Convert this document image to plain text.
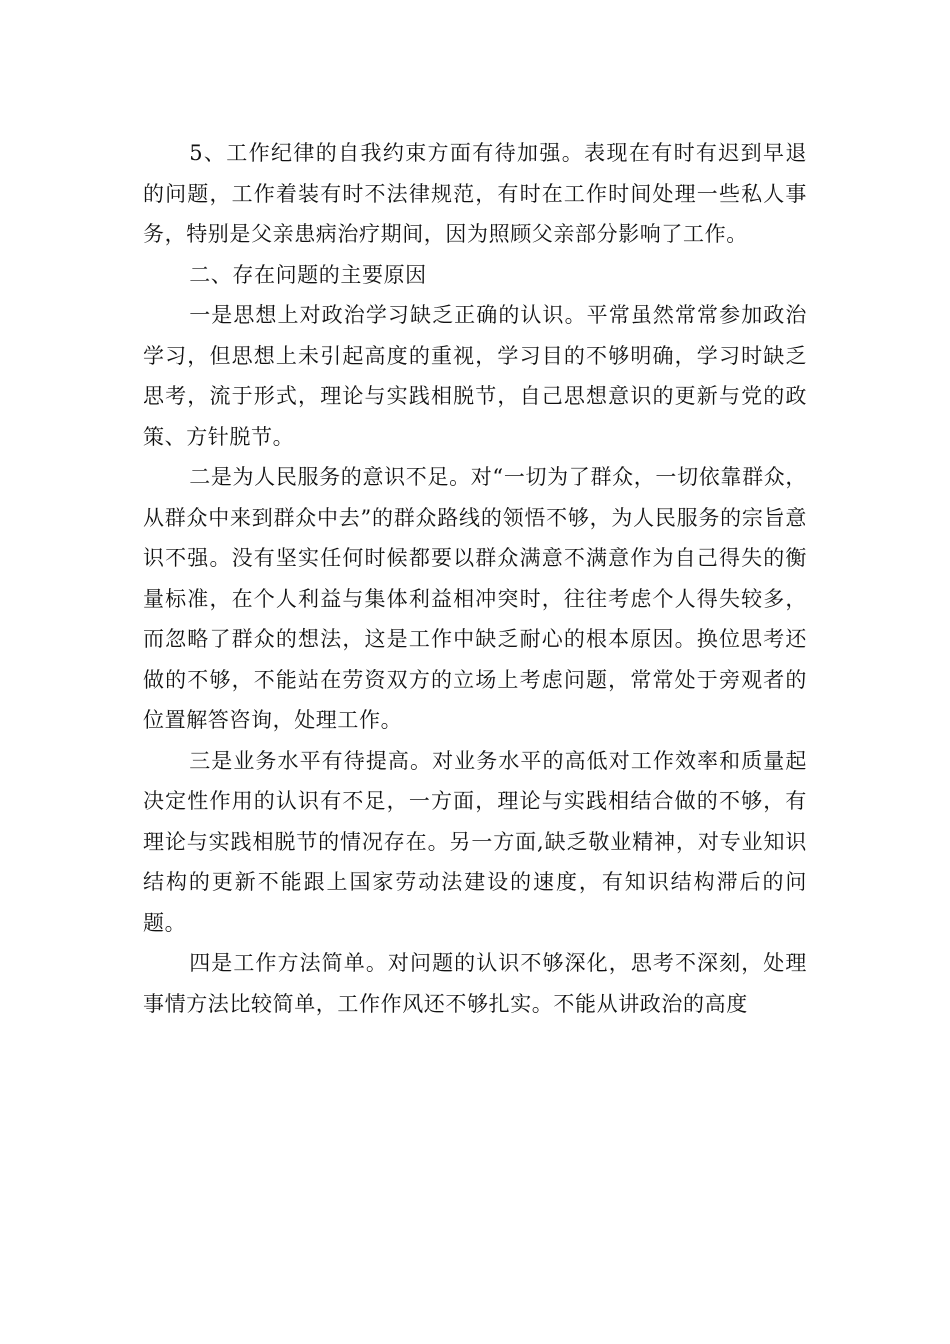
5、工作纪律的自我约束方面有待加强。表现在有时有迟到早退的问题，工作着装有时不法律规范，有时在工作时间处理一些私人事务，特别是父亲患病治疗期间，因为照顾父亲部分影响了工作。

二、存在问题的主要原因

一是思想上对政治学习缺乏正确的认识。平常虽然常常参加政治学习，但思想上未引起高度的重视，学习目的不够明确，学习时缺乏思考，流于形式，理论与实践相脱节，自己思想意识的更新与党的政策、方针脱节。

二是为人民服务的意识不足。对“一切为了群众，一切依靠群众，从群众中来到群众中去”的群众路线的领悟不够，为人民服务的宗旨意识不强。没有坚实任何时候都要以群众满意不满意作为自己得失的衡量标准，在个人利益与集体利益相冲突时，往往考虑个人得失较多，而忽略了群众的想法，这是工作中缺乏耐心的根本原因。换位思考还做的不够，不能站在劳资双方的立场上考虑问题，常常处于旁观者的位置解答咨询，处理工作。

三是业务水平有待提高。对业务水平的高低对工作效率和质量起决定性作用的认识有不足，一方面，理论与实践相结合做的不够，有理论与实践相脱节的情况存在。另一方面,缺乏敬业精神，对专业知识结构的更新不能跟上国家劳动法建设的速度，有知识结构滞后的问题。

四是工作方法简单。对问题的认识不够深化，思考不深刻，处理事情方法比较简单，工作作风还不够扎实。不能从讲政治的高度
